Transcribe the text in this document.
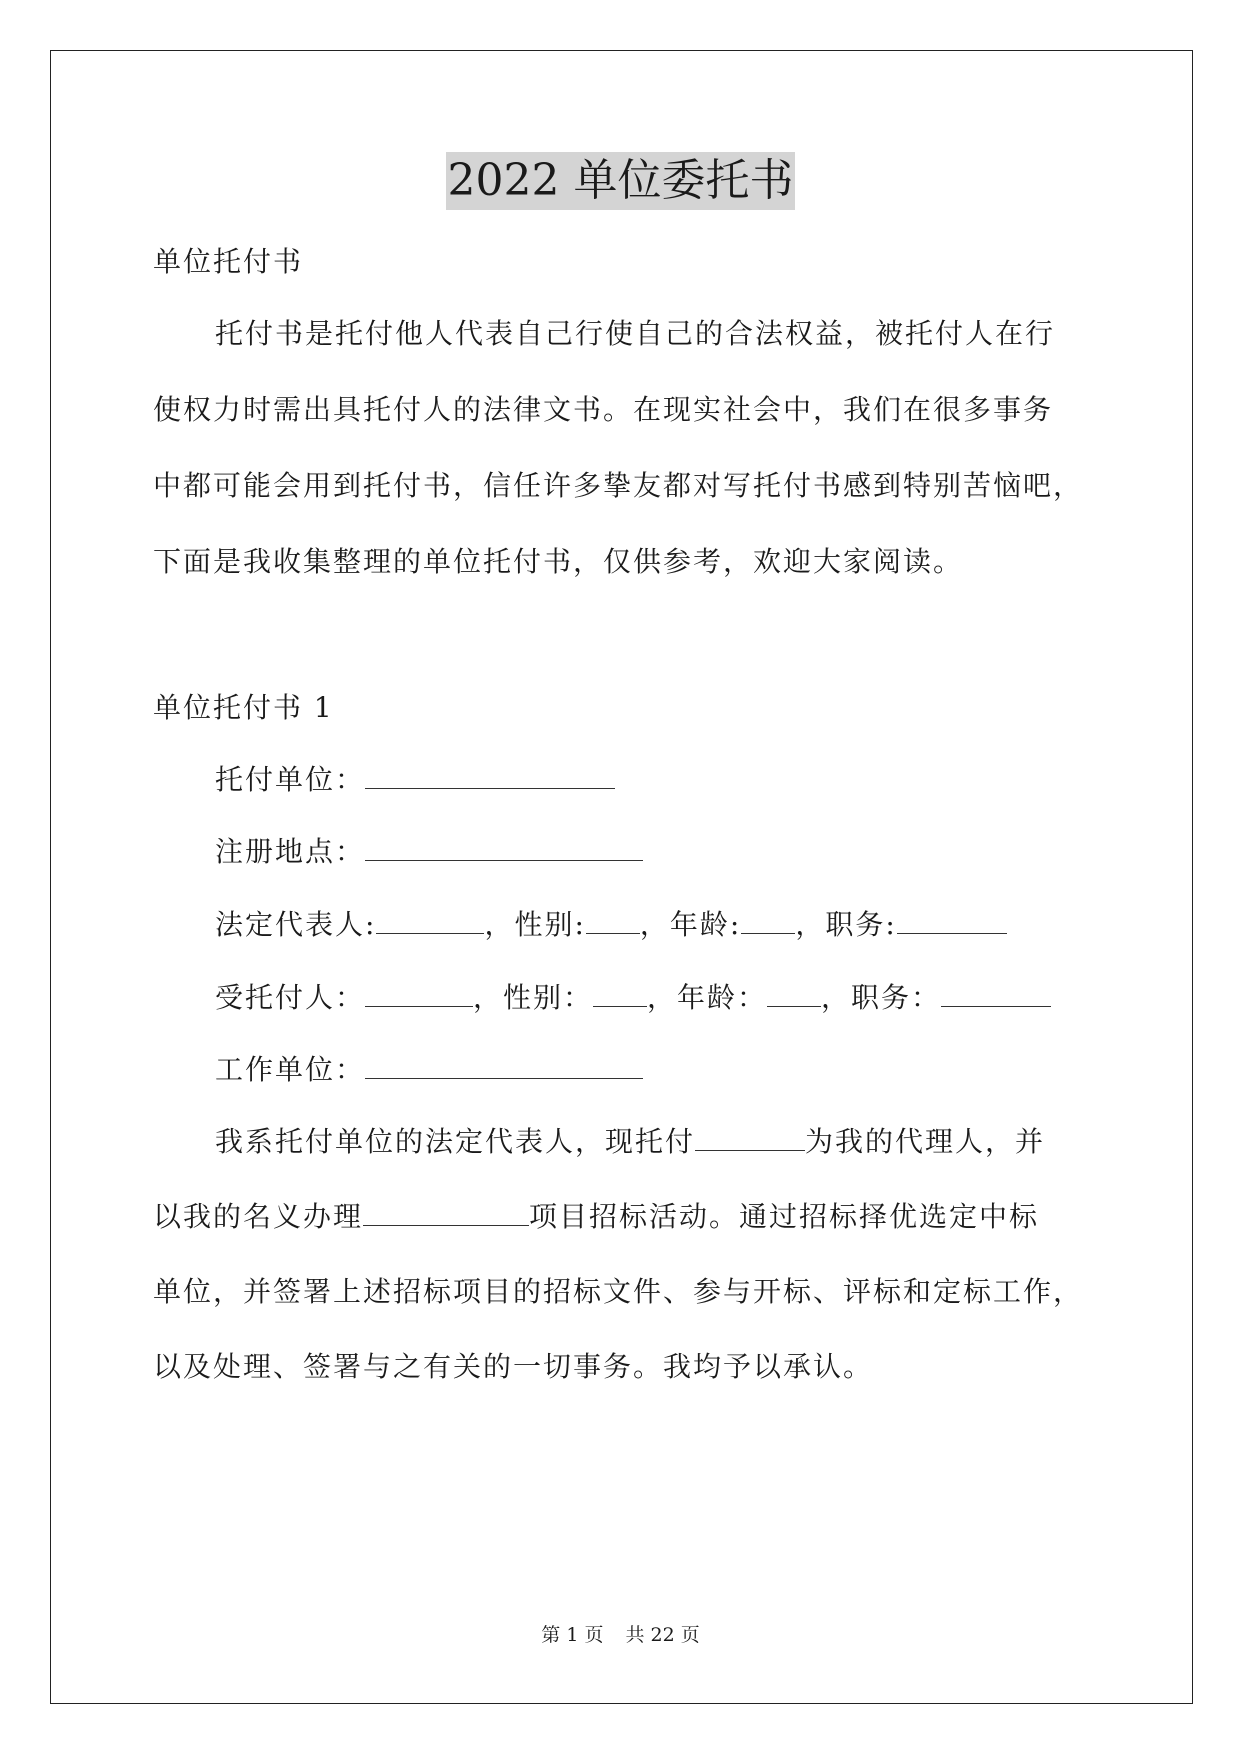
2022 单位委托书
单位托付书
托付书是托付他人代表自己行使自己的合法权益，被托付人在行
使权力时需出具托付人的法律文书。在现实社会中，我们在很多事务
中都可能会用到托付书，信任许多挚友都对写托付书感到特别苦恼吧，
下面是我收集整理的单位托付书，仅供参考，欢迎大家阅读。
单位托付书 1
托付单位：
注册地点：
法定代表人:	，性别: ，年龄: ，职务:
受托付人：	，性别： ，年龄： ，职务：
工作单位：
我系托付单位的法定代表人，现托付	为我的代理人，并
以我的名义办理	项目招标活动。通过招标择优选定中标
单位，并签署上述招标项目的招标文件、参与开标、评标和定标工作，
以及处理、签署与之有关的一切事务。我均予以承认。
第 1 页 共 22 页
